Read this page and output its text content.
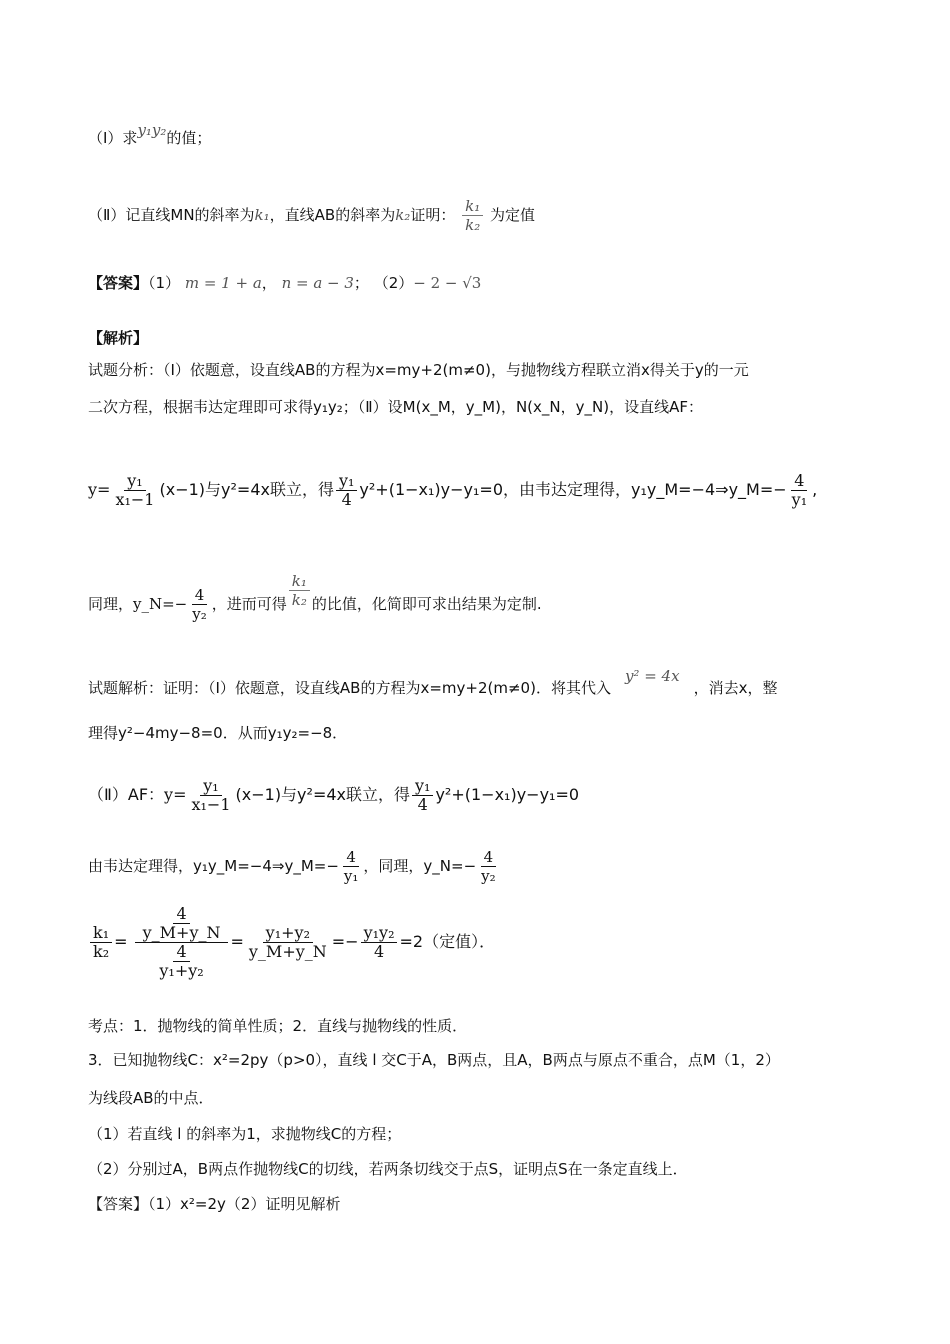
（Ⅰ）求y₁y₂的值；
（Ⅱ）记直线MN的斜率为k₁，直线AB的斜率为k₂证明： $\frac{\text{k₁}}{\text{k₂}}$ 为定值
【答案】（1） m = 1 + a， n = a − 3； （2）− 2 − √3
【解析】
试题分析：（Ⅰ）依题意，设直线AB的方程为x=my+2(m≠0)，与抛物线方程联立消x得关于y的一元
二次方程，根据韦达定理即可求得y₁y₂；（Ⅱ）设M(x_M，y_M)，N(x_N，y_N)，设直线AF：
$y= \frac{\text{y₁}}{\text{x₁−1}} (x-1)$与y²=4x联立，得 $\frac{\text{y₁}}{4} y^2+(1-x_1)y-y_1=0$，由韦达定理得，y₁y_M=−4⇒y_M=− $\frac{4}{\text{y₁}}$ ,
同理，y_N=− $\frac{4}{\text{y₂}}$ ，进而可得 $\frac{\text{k₁}}{\text{k₂}}$ 的比值，化简即可求出结果为定制.
试题解析：证明：（Ⅰ）依题意，设直线AB的方程为x=my+2(m≠0)．将其代入y² = 4x，消去x，整
理得y²−4my−8=0．从而y₁y₂=−8．
（Ⅱ）AF：$y= \frac{\text{y₁}}{\text{x₁−1}} (x-1)$与y²=4x联立，得 $\frac{\text{y₁}}{4} y^2+(1-x_1)y-y_1=0$
由韦达定理得，y₁y_M=−4⇒y_M=− $\frac{4}{\text{y₁}}$ ，同理，y_N=− $\frac{4}{\text{y₂}}$
$\frac{\text{k₁}}{\text{k₂}} = \frac{\frac{4}{y\_M+y\_N}}{\frac{4}{\text{y₁+y₂}}} = \frac{\text{y₁+y₂}}{y\_M+y\_N} =- \frac{\text{y₁y₂}}{4} =2$（定值）．
考点：1．抛物线的简单性质；2．直线与抛物线的性质．
3．已知抛物线C：x²=2py（p>0），直线 l 交C于A，B两点，且A，B两点与原点不重合，点M（1，2）
为线段AB的中点．
（1）若直线 l 的斜率为1，求抛物线C的方程；
（2）分别过A，B两点作抛物线C的切线，若两条切线交于点S，证明点S在一条定直线上．
【答案】（1）x²=2y（2）证明见解析
